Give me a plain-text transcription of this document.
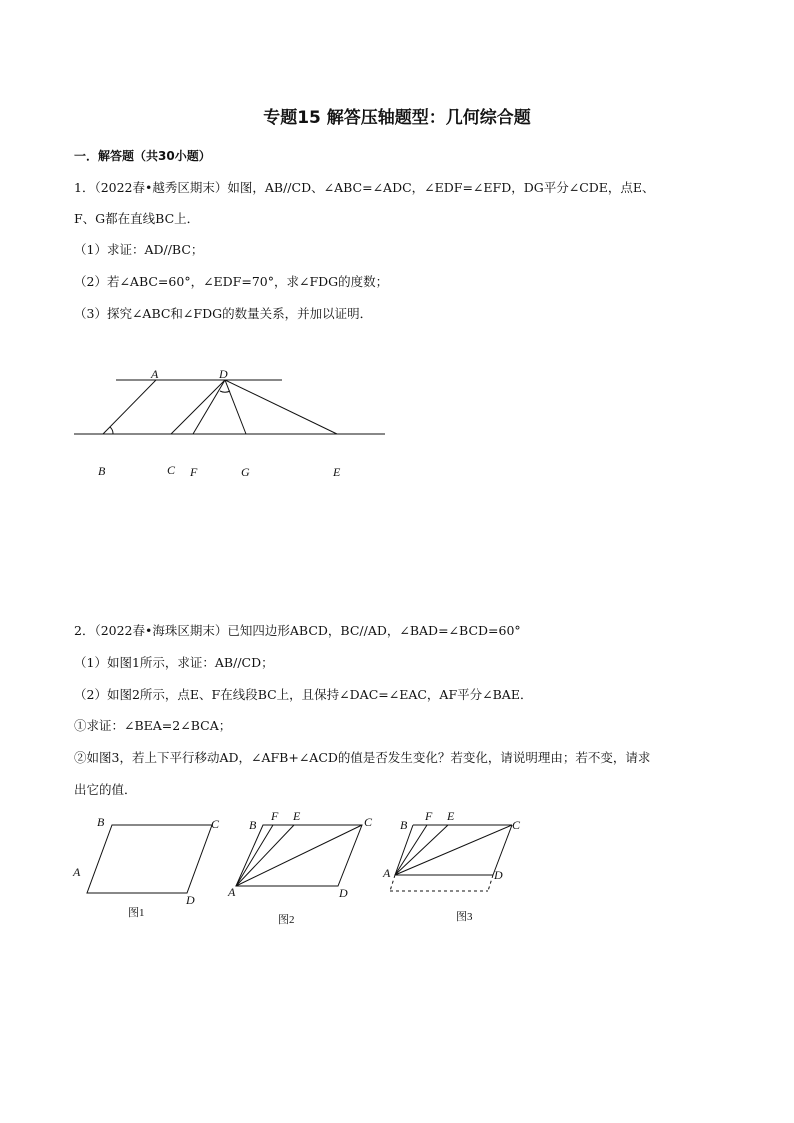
专题15 解答压轴题型：几何综合题
一．解答题（共30小题）
1．（2022春•越秀区期末）如图，AB//CD、∠ABC=∠ADC，∠EDF=∠EFD，DG平分∠CDE，点E、
F、G都在直线BC上．
（1）求证：AD//BC；
（2）若∠ABC=60°，∠EDF=70°，求∠FDG的度数；
（3）探究∠ABC和∠FDG的数量关系，并加以证明．
A	D
B	C F	G	E
B	C
A
D
图1
B
F E	C
A	D
图2
B
F E
C
A	D
图3
2．（2022春•海珠区期末）已知四边形ABCD，BC//AD，∠BAD=∠BCD=60°
（1）如图1所示，求证：AB//CD；
（2）如图2所示，点E、F在线段BC上，且保持∠DAC=∠EAC，AF平分∠BAE．
①求证：∠BEA=2∠BCA；
②如图3，若上下平行移动AD，∠AFB+∠ACD的值是否发生变化？若变化，请说明理由；若不变，请求
出它的值．
